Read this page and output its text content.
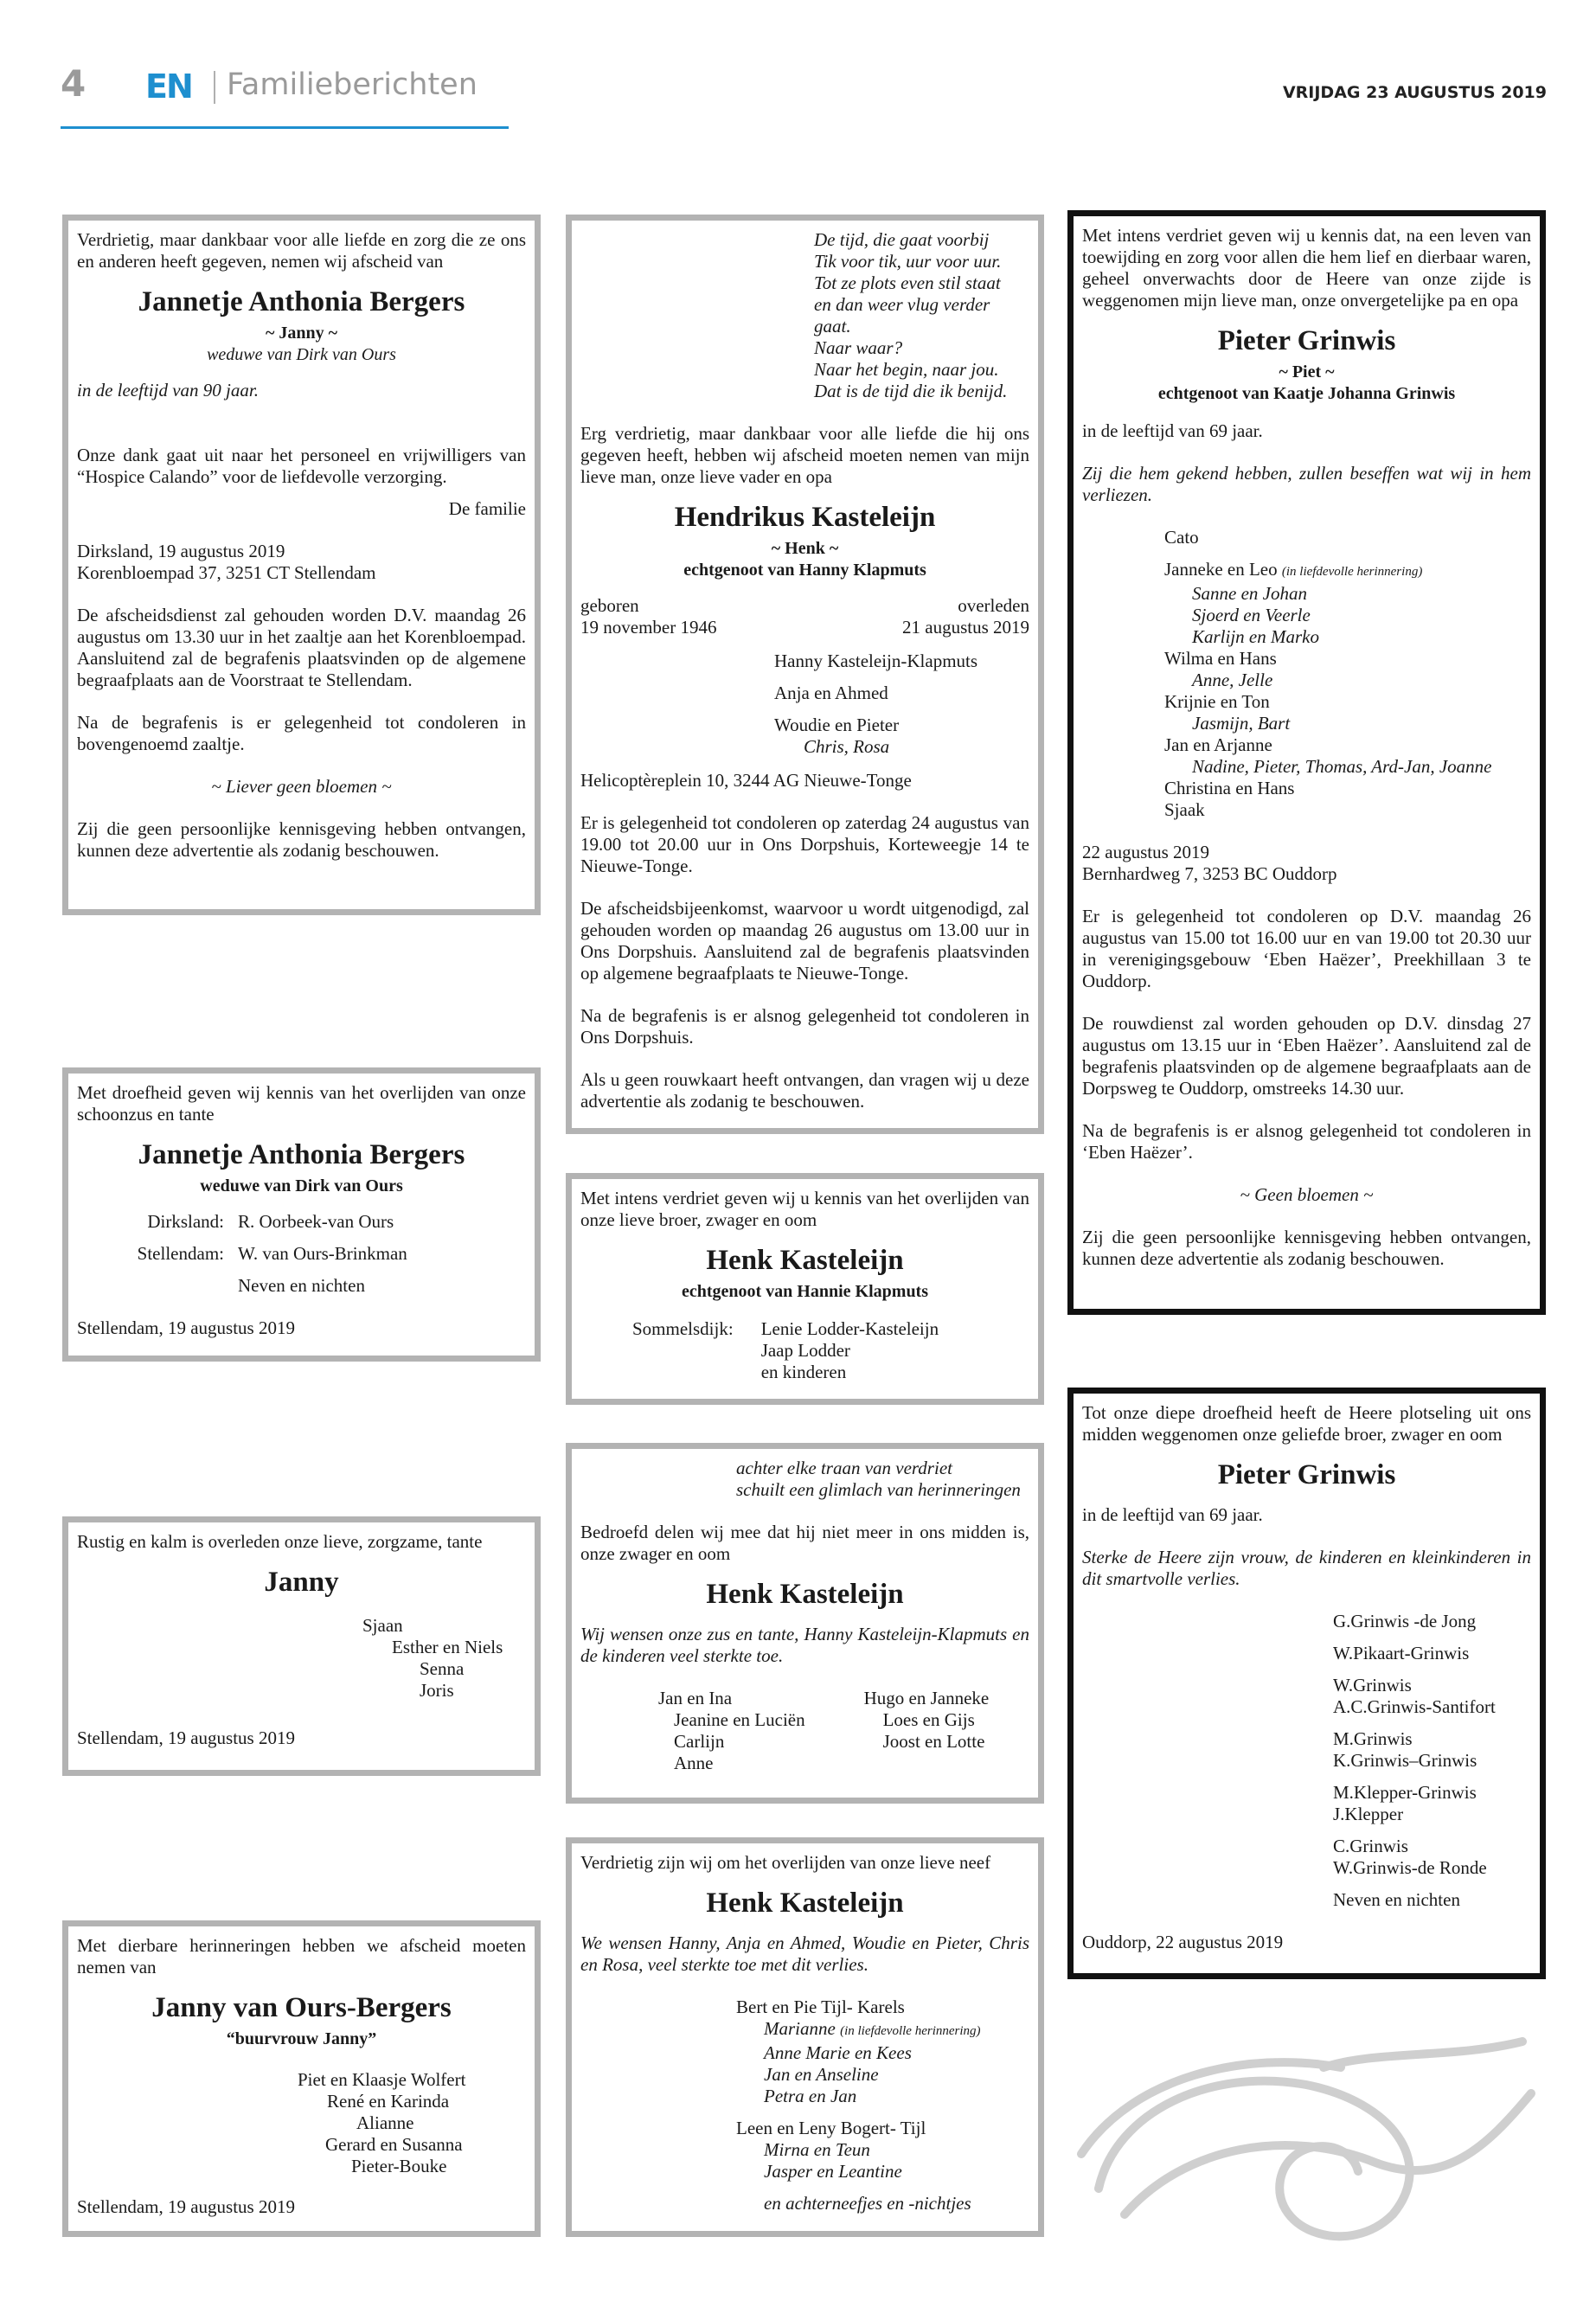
4 EN Familieberichten	VRIJDAG 23 AUGUSTUS 2019

Verdrietig, maar dankbaar voor alle liefde en zorg die ze ons en anderen heeft gegeven, nemen wij afscheid van

Jannetje Anthonia Bergers
~ Janny ~
weduwe van Dirk van Ours

in de leeftijd van 90 jaar.

Onze dank gaat uit naar het personeel en vrijwilligers van “Hospice Calando” voor de liefdevolle verzorging.

De familie

Dirksland, 19 augustus 2019

Korenbloempad 37, 3251 CT Stellendam

De afscheidsdienst zal gehouden worden D.V. maandag 26 augustus om 13.30 uur in het zaaltje aan het Korenbloempad. Aansluitend zal de begrafenis plaatsvinden op de algemene begraafplaats aan de Voorstraat te Stellendam.

Na de begrafenis is er gelegenheid tot condoleren in bovengenoemd zaaltje.

~ Liever geen bloemen ~

Zij die geen persoonlijke kennisgeving hebben ontvangen, kunnen deze advertentie als zodanig beschouwen.

Met droefheid geven wij kennis van het overlijden van onze schoonzus en tante

Jannetje Anthonia Bergers
weduwe van Dirk van Ours
Dirksland: R. Oorbeek-van Ours
Stellendam: W. van Ours-Brinkman
Neven en nichten
Stellendam, 19 augustus 2019

Rustig en kalm is overleden onze lieve, zorgzame, tante

Janny
Sjaan
Esther en Niels
Senna
Joris
Stellendam, 19 augustus 2019

Met dierbare herinneringen hebben we afscheid moeten nemen van

Janny van Ours-Bergers
“buurvrouw Janny”
Piet en Klaasje Wolfert
René en Karinda
Alianne
Gerard en Susanna
Pieter-Bouke
Stellendam, 19 augustus 2019
De tijd, die gaat voorbij
Tik voor tik, uur voor uur.
Tot ze plots even stil staat
en dan weer vlug verder gaat.
Naar waar?
Naar het begin, naar jou.
Dat is de tijd die ik benijd.

Erg verdrietig, maar dankbaar voor alle liefde die hij ons gegeven heeft, hebben wij afscheid moeten nemen van mijn lieve man, onze lieve vader en opa

Hendrikus Kasteleijn
~ Henk ~
echtgenoot van Hanny Klapmuts
geboren
19 november 1946
overleden
21 augustus 2019
Hanny Kasteleijn-Klapmuts
Anja en Ahmed
Woudie en Pieter
Chris, Rosa

Helicoptèreplein 10, 3244 AG Nieuwe-Tonge

Er is gelegenheid tot condoleren op zaterdag 24 augustus van 19.00 tot 20.00 uur in Ons Dorpshuis, Korteweegje 14 te Nieuwe-Tonge.

De afscheidsbijeenkomst, waarvoor u wordt uitgenodigd, zal gehouden worden op maandag 26 augustus om 13.00 uur in Ons Dorpshuis. Aansluitend zal de begrafenis plaatsvinden op algemene begraafplaats te Nieuwe-Tonge.

Na de begrafenis is er alsnog gelegenheid tot condoleren in Ons Dorpshuis.

Als u geen rouwkaart heeft ontvangen, dan vragen wij u deze advertentie als zodanig te beschouwen.

Met intens verdriet geven wij u kennis van het overlijden van onze lieve broer, zwager en oom

Henk Kasteleijn
echtgenoot van Hannie Klapmuts
Sommelsdijk: Lenie Lodder-Kasteleijn
Jaap Lodder
en kinderen
achter elke traan van verdriet
schuilt een glimlach van herinneringen

Bedroefd delen wij mee dat hij niet meer in ons midden is, onze zwager en oom

Henk Kasteleijn

Wij wensen onze zus en tante, Hanny Kasteleijn-Klapmuts en de kinderen veel sterkte toe.

Jan en Ina
Jeanine en Luciën
Carlijn
Anne
Hugo en Janneke
Loes en Gijs
Joost en Lotte

Verdrietig zijn wij om het overlijden van onze lieve neef

Henk Kasteleijn

We wensen Hanny, Anja en Ahmed, Woudie en Pieter, Chris en Rosa, veel sterkte toe met dit verlies.

Bert en Pie Tijl- Karels
Marianne (in liefdevolle herinnering)
Anne Marie en Kees
Jan en Anseline
Petra en Jan
Leen en Leny Bogert- Tijl
Mirna en Teun
Jasper en Leantine
en achterneefjes en -nichtjes

Met intens verdriet geven wij u kennis dat, na een leven van toewijding en zorg voor allen die hem lief en dierbaar waren, geheel onverwachts door de Heere van onze zijde is weggenomen mijn lieve man, onze onvergetelijke pa en opa

Pieter Grinwis
~ Piet ~
echtgenoot van Kaatje Johanna Grinwis

in de leeftijd van 69 jaar.

Zij die hem gekend hebben, zullen beseffen wat wij in hem verliezen.

Cato
Janneke en Leo (in liefdevolle herinnering)
Sanne en Johan
Sjoerd en Veerle
Karlijn en Marko
Wilma en Hans
Anne, Jelle
Krijnie en Ton
Jasmijn, Bart
Jan en Arjanne
Nadine, Pieter, Thomas, Ard-Jan, Joanne
Christina en Hans
Sjaak
22 augustus 2019

Bernhardweg 7, 3253 BC Ouddorp

Er is gelegenheid tot condoleren op D.V. maandag 26 augustus van 15.00 tot 16.00 uur en van 19.00 tot 20.30 uur in verenigingsgebouw ‘Eben Haëzer’, Preekhillaan 3 te Ouddorp.

De rouwdienst zal worden gehouden op D.V. dinsdag 27 augustus om 13.15 uur in ‘Eben Haëzer’. Aansluitend zal de begrafenis plaatsvinden op de algemene begraafplaats aan de Dorpsweg te Ouddorp, omstreeks 14.30 uur.

Na de begrafenis is er alsnog gelegenheid tot condoleren in ‘Eben Haëzer’.

~ Geen bloemen ~

Zij die geen persoonlijke kennisgeving hebben ontvangen, kunnen deze advertentie als zodanig beschouwen.

Tot onze diepe droefheid heeft de Heere plotseling uit ons midden weggenomen onze geliefde broer, zwager en oom

Pieter Grinwis

in de leeftijd van 69 jaar.

Sterke de Heere zijn vrouw, de kinderen en kleinkinderen in dit smartvolle verlies.

G.Grinwis -de Jong
W.Pikaart-Grinwis
W.Grinwis
A.C.Grinwis-Santifort
M.Grinwis
K.Grinwis–Grinwis
M.Klepper-Grinwis
J.Klepper
C.Grinwis
W.Grinwis-de Ronde
Neven en nichten
Ouddorp, 22 augustus 2019
